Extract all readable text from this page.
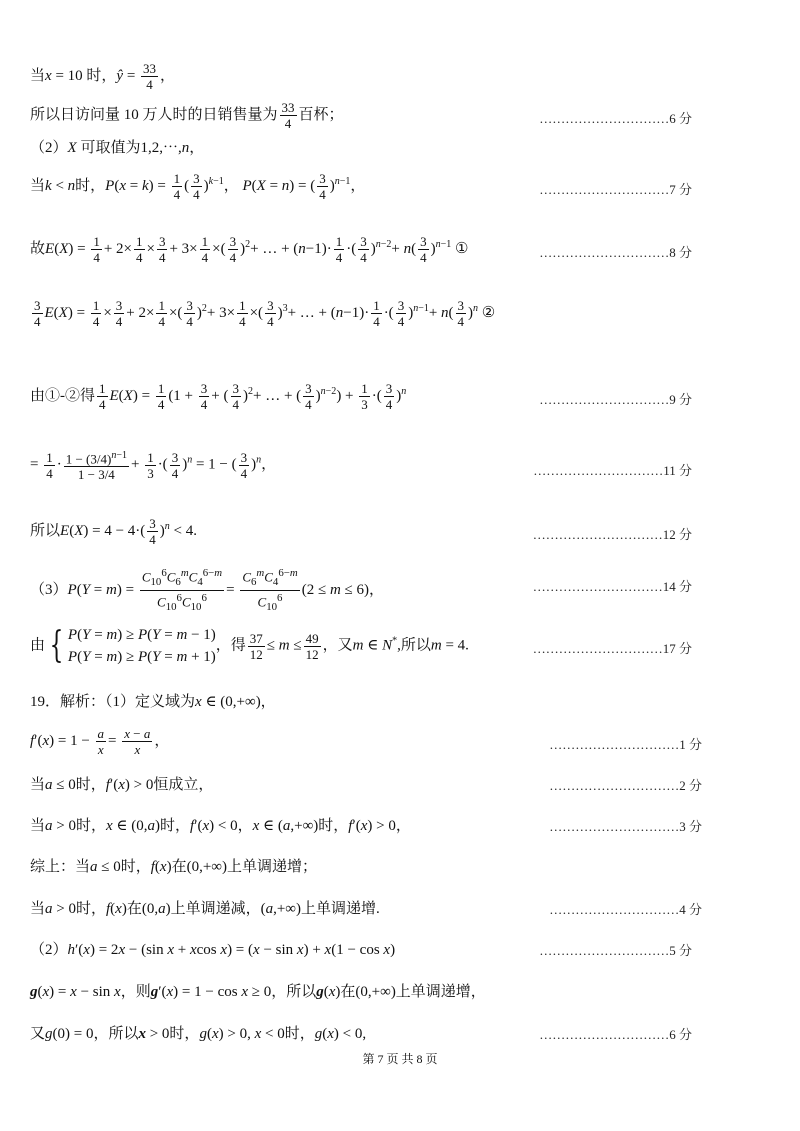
当x = 10 时，ŷ = $\frac{33}{4}$ ，
所以日访问量 10 万人时的日销售量为 $\frac{33}{4}$ 百杯；	…………………………6 分
（2）X 可取值为1,2,⋯,n，
当k < n时，$P(x = k) = \frac{1}{4}$ ( $\frac{3}{4} )^{k-1}$， P(X = n) = ( $\frac{3}{4} )^{n-1}$，	…………………………7 分
故$E(X) = \frac{1}{4} + 2\times \frac{1}{4} \times \frac{3}{4} + 3\times \frac{1}{4}$ ×( $\frac{3}{4} )^2+$ … + $(n-1)\cdot \frac{1}{4}$ ·( $\frac{3}{4} )^{n-2}+ n( \frac{3}{4} )^{n-1}$ ①	…………………………8 分
$\frac{3}{4} E(X) = \frac{1}{4} \times \frac{3}{4} + 2\times \frac{1}{4}$ ×( $\frac{3}{4} )^2+ 3\times \frac{1}{4}$ ×( $\frac{3}{4} )^3+$ … + $(n-1)\cdot \frac{1}{4}$ ·( $\frac{3}{4} )^{n-1}+ n( \frac{3}{4} )^n$ ②
由①-②得 $\frac{1}{4} E(X) = \frac{1}{4} (1 + \frac{3}{4}$ + ( $\frac{3}{4} )^2+$ … + ( $\frac{3}{4} )^{n-2}) + \frac{1}{3}$ ·( $\frac{3}{4} )^n$
…………………………9 分
= $\frac{1}{4} \cdot \frac{1 - (3/4)^{n-1}}{1 - 3/4} + \frac{1}{3}$ ·( $\frac{3}{4} )^n = 1$ − ( $\frac{3}{4} )^n$，	…………………………11 分
所以$E(X) = 4 - 4\cdot( \frac{3}{4} )^n < 4$.	…………………………12 分
$(3)P(Y = m) = \frac{C_{10}^6C_6^mC_4^{6-m}}{C_{10}^6C_{10}^6} = \frac{C_6^mC_4^{6-m}}{C_{10}^6} (2 \le m \le 6)$，	…………………………14 分
由 { P(Y = m) ≥ P(Y = m − 1)
P(Y = m) ≥ P(Y = m + 1)，得 $\frac{37}{12} \le m \le \frac{49}{12}$ ，又m ∈ N*,所以m = 4.	…………………………17 分
19．解析：（1）定义域为x ∈ (0,+∞)，
$f'(x) = 1 - \frac{a}{x} = \frac{x - a}{x}$ ，	…………………………1 分
当a ≤ 0时，f′(x) > 0恒成立，	…………………………2 分
当a > 0时，x ∈ (0,a)时，f′(x) < 0，x ∈ (a,+∞)时，f′(x) > 0，	…………………………3 分
综上：当a ≤ 0时，f(x)在(0,+∞)上单调递增；
当a > 0时，f(x)在(0,a)上单调递减，(a,+∞)上单调递增.	…………………………4 分
（2）h′(x) = 2x − (sin x + xcos x) = (x − sin x) + x(1 − cos x)	…………………………5 分
g(x) = x − sin x，则g′(x) = 1 − cos x ≥ 0，所以g(x)在(0,+∞)上单调递增，
又g(0) = 0，所以x > 0时，g(x) > 0, x < 0时，g(x) < 0,	…………………………6 分
第 7 页 共 8 页
